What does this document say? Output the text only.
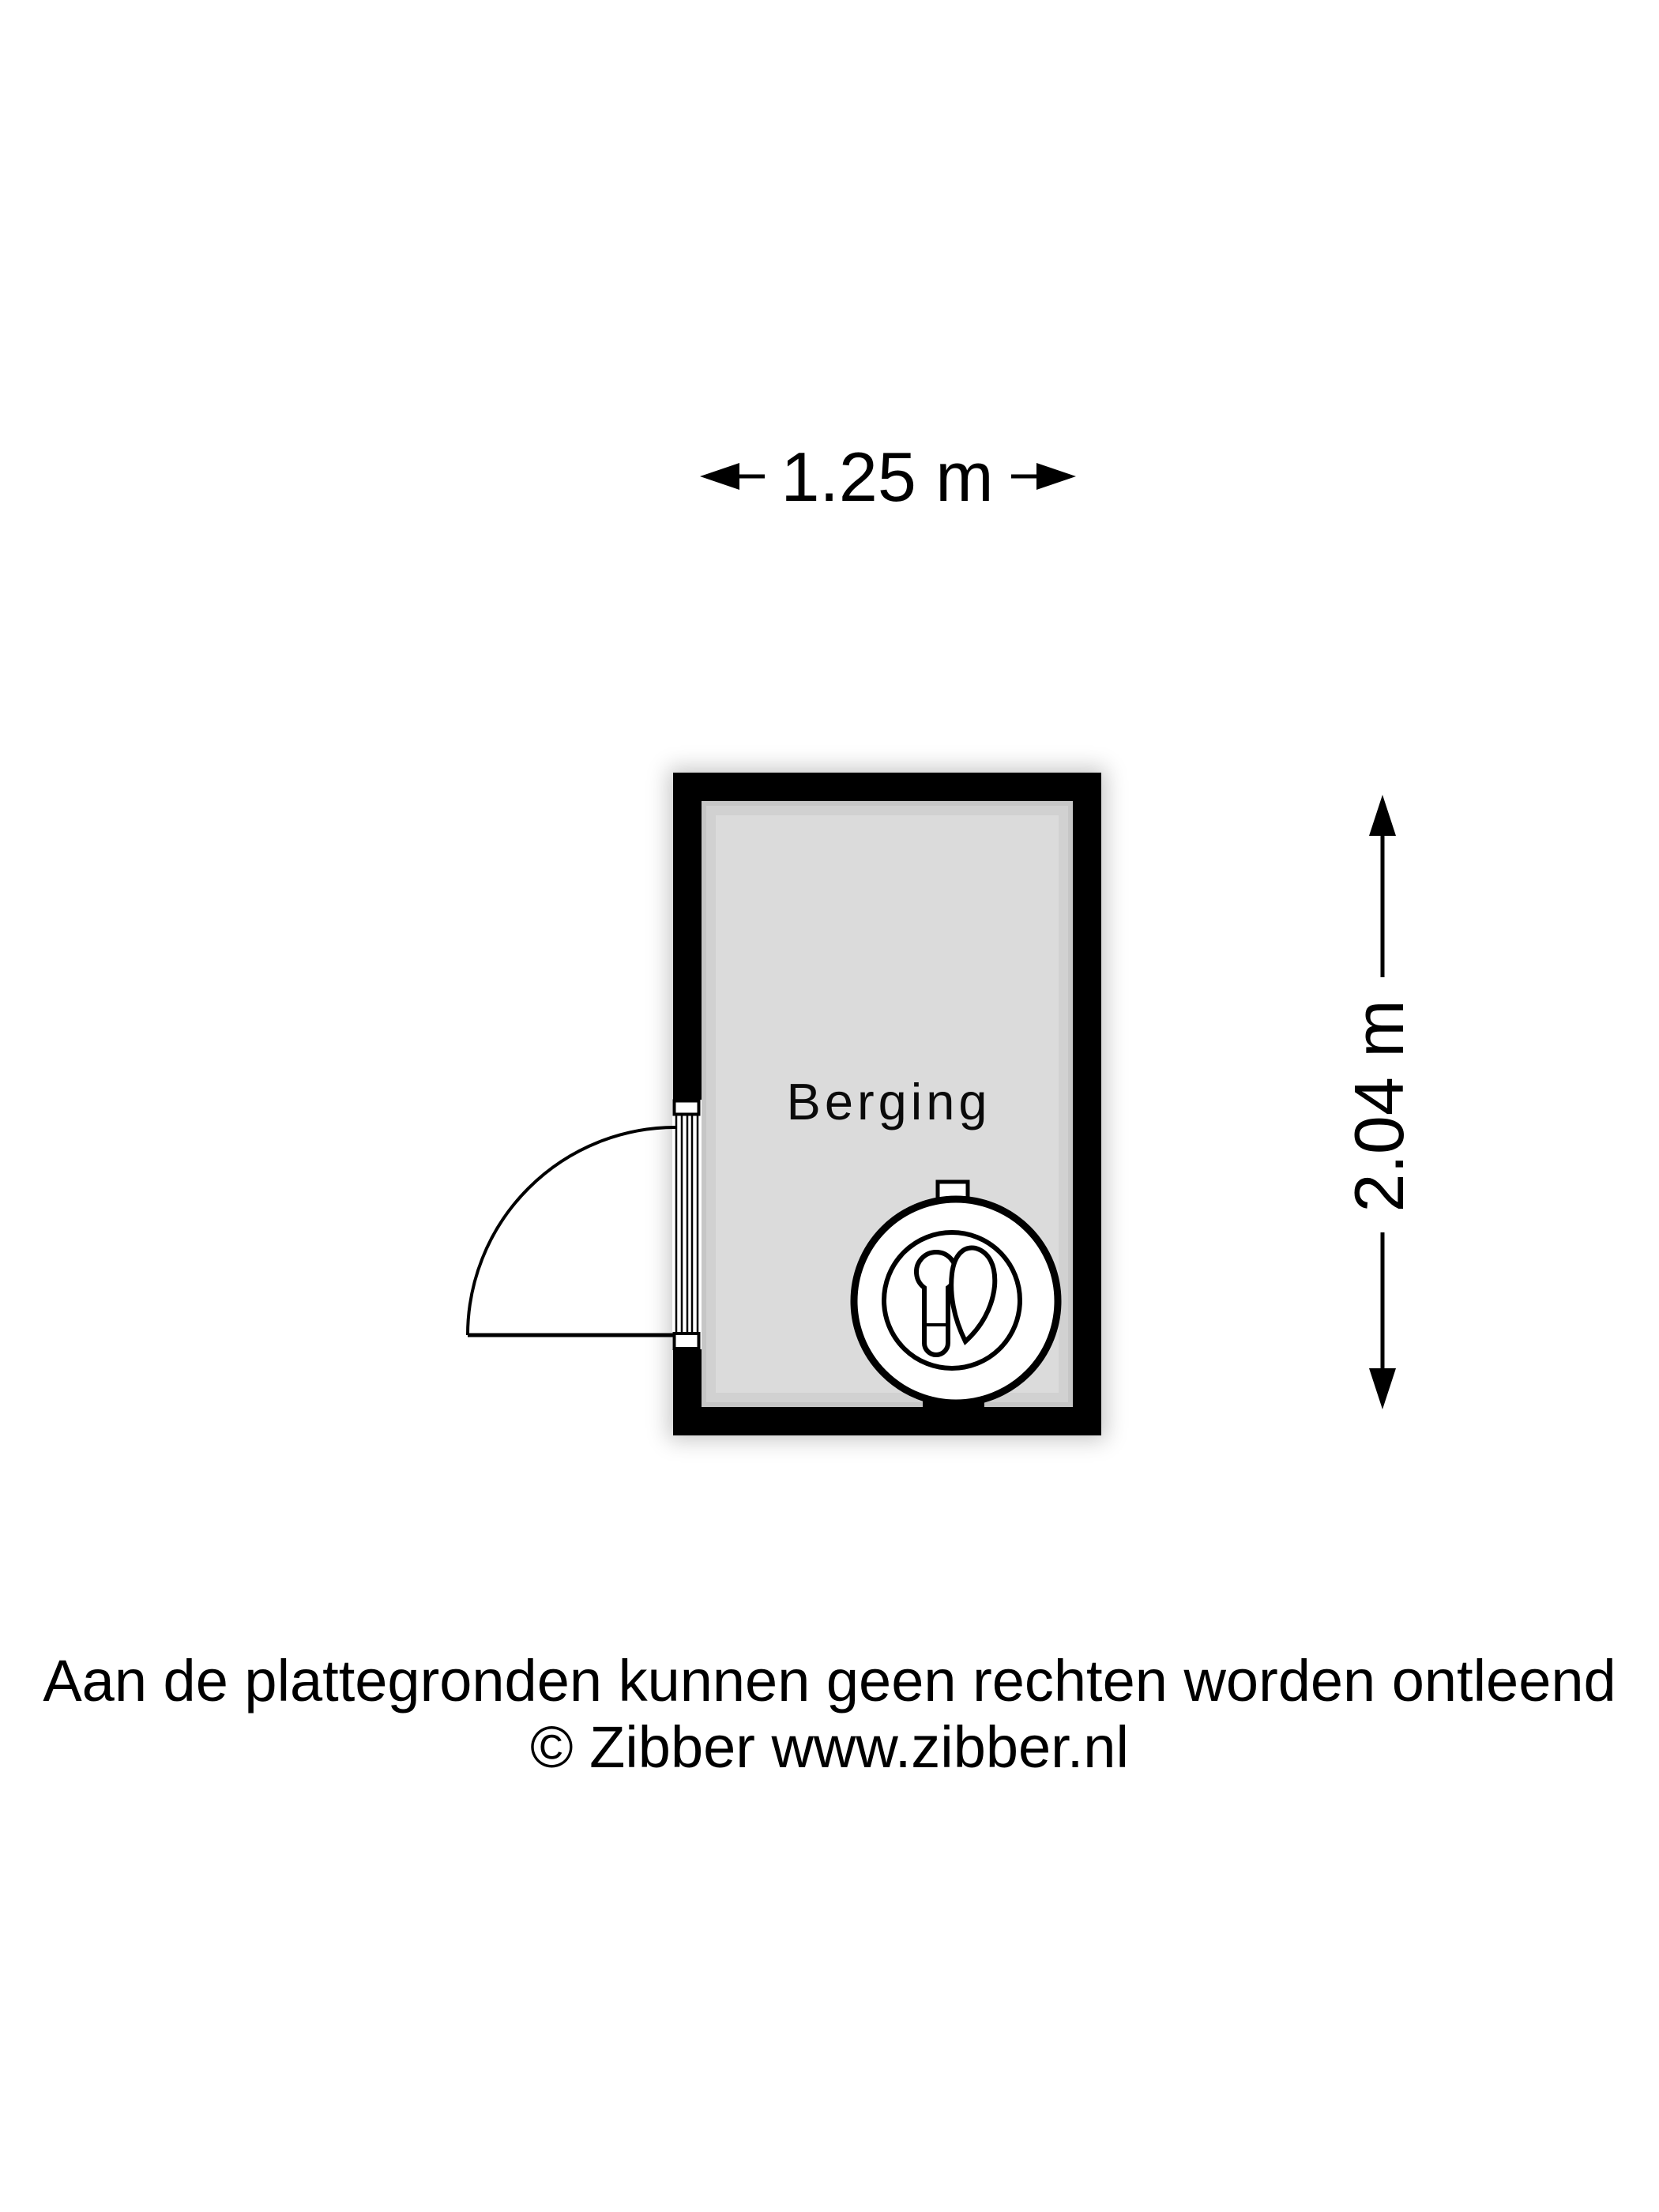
1.25 m
2.04 m
Berging
Aan de plattegronden kunnen geen rechten worden ontleend
© Zibber www.zibber.nl
